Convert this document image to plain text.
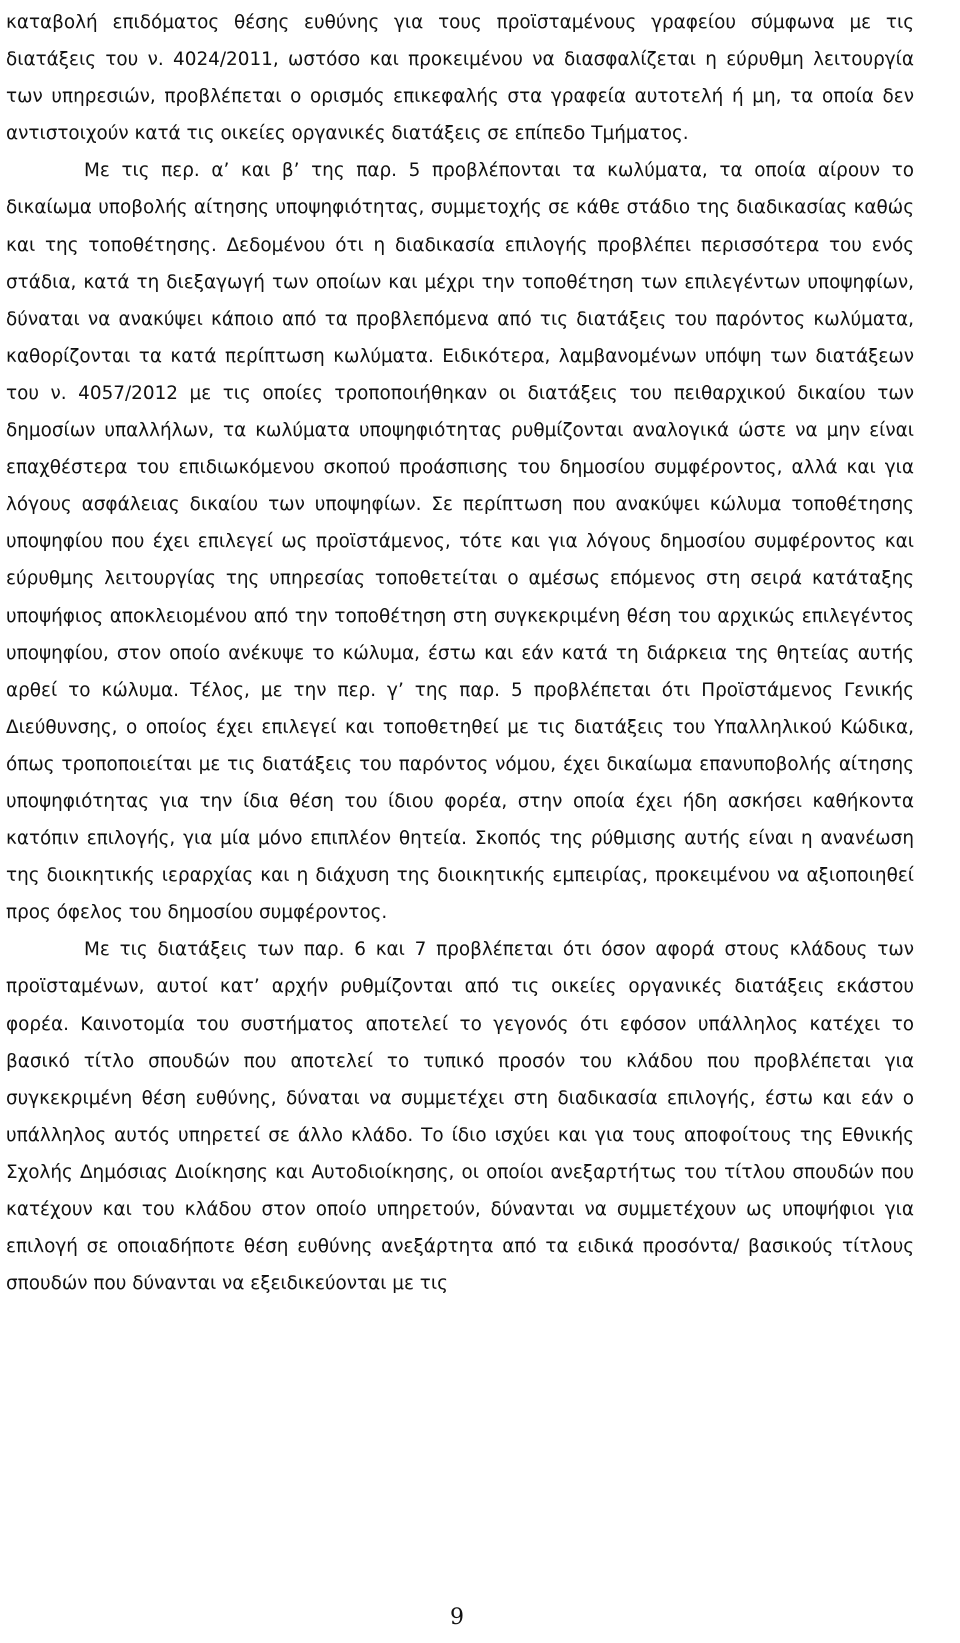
καταβολή επιδόματος θέσης ευθύνης για τους προϊσταμένους γραφείου σύμφωνα με τις διατάξεις του ν. 4024/2011, ωστόσο και προκειμένου να διασφαλίζεται η εύρυθμη λειτουργία των υπηρεσιών, προβλέπεται ο ορισμός επικεφαλής στα γραφεία αυτοτελή ή μη, τα οποία δεν αντιστοιχούν κατά τις οικείες οργανικές διατάξεις σε επίπεδο Τμήματος.

Με τις περ. α’ και β’ της παρ. 5 προβλέπονται τα κωλύματα, τα οποία αίρουν το δικαίωμα υποβολής αίτησης υποψηφιότητας, συμμετοχής σε κάθε στάδιο της διαδικασίας καθώς και της τοποθέτησης. Δεδομένου ότι η διαδικασία επιλογής προβλέπει περισσότερα του ενός στάδια, κατά τη διεξαγωγή των οποίων και μέχρι την τοποθέτηση των επιλεγέντων υποψηφίων, δύναται να ανακύψει κάποιο από τα προβλεπόμενα από τις διατάξεις του παρόντος κωλύματα, καθορίζονται τα κατά περίπτωση κωλύματα. Ειδικότερα, λαμβανομένων υπόψη των διατάξεων του ν. 4057/2012 με τις οποίες τροποποιήθηκαν οι διατάξεις του πειθαρχικού δικαίου των δημοσίων υπαλλήλων, τα κωλύματα υποψηφιότητας ρυθμίζονται αναλογικά ώστε να μην είναι επαχθέστερα του επιδιωκόμενου σκοπού προάσπισης του δημοσίου συμφέροντος, αλλά και για λόγους ασφάλειας δικαίου των υποψηφίων. Σε περίπτωση που ανακύψει κώλυμα τοποθέτησης υποψηφίου που έχει επιλεγεί ως προϊστάμενος, τότε και για λόγους δημοσίου συμφέροντος και εύρυθμης λειτουργίας της υπηρεσίας τοποθετείται ο αμέσως επόμενος στη σειρά κατάταξης υποψήφιος αποκλειομένου από την τοποθέτηση στη συγκεκριμένη θέση του αρχικώς επιλεγέντος υποψηφίου, στον οποίο ανέκυψε το κώλυμα, έστω και εάν κατά τη διάρκεια της θητείας αυτής αρθεί το κώλυμα. Τέλος, με την περ. γ’ της παρ. 5 προβλέπεται ότι Προϊστάμενος Γενικής Διεύθυνσης, ο οποίος έχει επιλεγεί και τοποθετηθεί με τις διατάξεις του Υπαλληλικού Κώδικα, όπως τροποποιείται με τις διατάξεις του παρόντος νόμου, έχει δικαίωμα επανυποβολής αίτησης υποψηφιότητας για την ίδια θέση του ίδιου φορέα, στην οποία έχει ήδη ασκήσει καθήκοντα κατόπιν επιλογής, για μία μόνο επιπλέον θητεία. Σκοπός της ρύθμισης αυτής είναι η ανανέωση της διοικητικής ιεραρχίας και η διάχυση της διοικητικής εμπειρίας, προκειμένου να αξιοποιηθεί προς όφελος του δημοσίου συμφέροντος.

Με τις διατάξεις των παρ. 6 και 7 προβλέπεται ότι όσον αφορά στους κλάδους των προϊσταμένων, αυτοί κατ’ αρχήν ρυθμίζονται από τις οικείες οργανικές διατάξεις εκάστου φορέα. Καινοτομία του συστήματος αποτελεί το γεγονός ότι εφόσον υπάλληλος κατέχει το βασικό τίτλο σπουδών που αποτελεί το τυπικό προσόν του κλάδου που προβλέπεται για συγκεκριμένη θέση ευθύνης, δύναται να συμμετέχει στη διαδικασία επιλογής, έστω και εάν ο υπάλληλος αυτός υπηρετεί σε άλλο κλάδο. Το ίδιο ισχύει και για τους αποφοίτους της Εθνικής Σχολής Δημόσιας Διοίκησης και Αυτοδιοίκησης, οι οποίοι ανεξαρτήτως του τίτλου σπουδών που κατέχουν και του κλάδου στον οποίο υπηρετούν, δύνανται να συμμετέχουν ως υποψήφιοι για επιλογή σε οποιαδήποτε θέση ευθύνης ανεξάρτητα από τα ειδικά προσόντα/ βασικούς τίτλους σπουδών που δύνανται να εξειδικεύονται με τις

9
